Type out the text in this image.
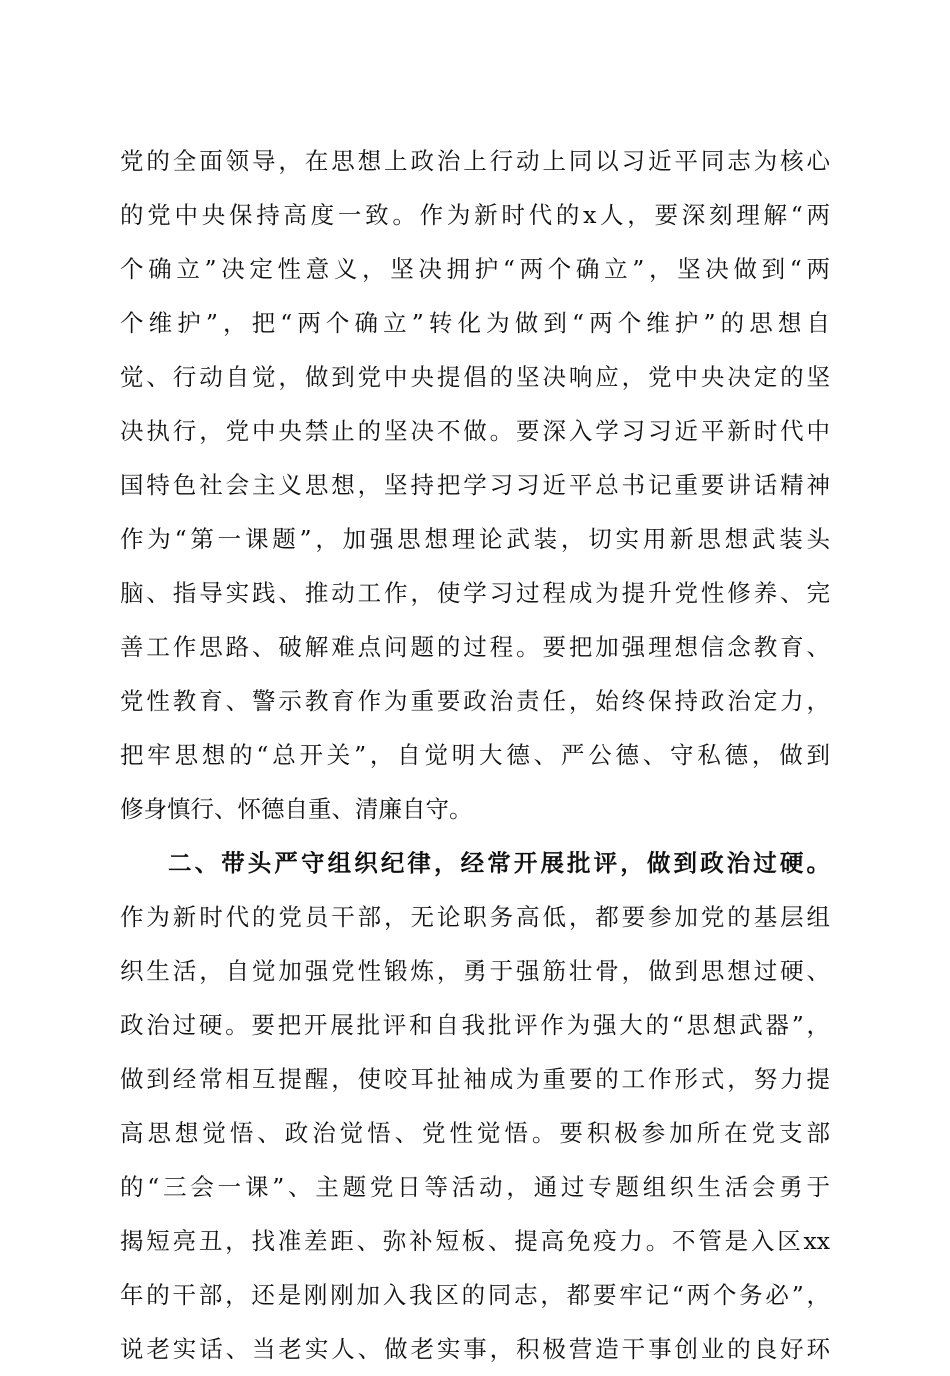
党的全面领导，在思想上政治上行动上同以习近平同志为核心
的党中央保持高度一致。作为新时代的x人，要深刻理解“两
个确立”决定性意义，坚决拥护“两个确立”，坚决做到“两
个维护”，把“两个确立”转化为做到“两个维护”的思想自
觉、行动自觉，做到党中央提倡的坚决响应，党中央决定的坚
决执行，党中央禁止的坚决不做。要深入学习习近平新时代中
国特色社会主义思想，坚持把学习习近平总书记重要讲话精神
作为“第一课题”，加强思想理论武装，切实用新思想武装头
脑、指导实践、推动工作，使学习过程成为提升党性修养、完
善工作思路、破解难点问题的过程。要把加强理想信念教育、
党性教育、警示教育作为重要政治责任，始终保持政治定力，
把牢思想的“总开关”，自觉明大德、严公德、守私德，做到
修身慎行、怀德自重、清廉自守。
二、带头严守组织纪律，经常开展批评，做到政治过硬。
作为新时代的党员干部，无论职务高低，都要参加党的基层组
织生活，自觉加强党性锻炼，勇于强筋壮骨，做到思想过硬、
政治过硬。要把开展批评和自我批评作为强大的“思想武器”，
做到经常相互提醒，使咬耳扯袖成为重要的工作形式，努力提
高思想觉悟、政治觉悟、党性觉悟。要积极参加所在党支部
的“三会一课”、主题党日等活动，通过专题组织生活会勇于
揭短亮丑，找准差距、弥补短板、提高免疫力。不管是入区xx
年的干部，还是刚刚加入我区的同志，都要牢记“两个务必”，
说老实话、当老实人、做老实事，积极营造干事创业的良好环
